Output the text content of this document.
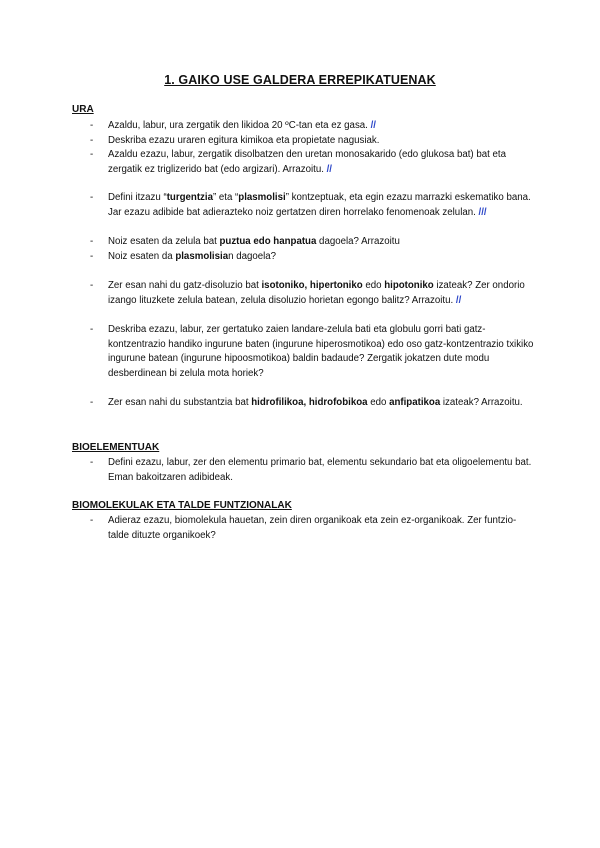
1. GAIKO USE GALDERA ERREPIKATUENAK
URA
-	Azaldu, labur, ura zergatik den likidoa 20 ºC-tan eta ez gasa. //
-	Deskriba ezazu uraren egitura kimikoa eta propietate nagusiak.
-	Azaldu ezazu, labur, zergatik disolbatzen den uretan monosakarido (edo glukosa bat) bat eta zergatik ez triglizerido bat (edo argizari). Arrazoitu. //
-	Defini itzazu “turgentzia” eta “plasmolisi” kontzeptuak, eta egin ezazu marrazki eskematiko bana. Jar ezazu adibide bat adierazteko noiz gertatzen diren horrelako fenomenoak zelulan. ///
-	Noiz esaten da zelula bat puztua edo hanpatua dagoela? Arrazoitu
-	Noiz esaten da plasmolisian dagoela?
-	Zer esan nahi du gatz-disoluzio bat isotoniko, hipertoniko edo hipotoniko izateak? Zer ondorio izango lituzkete zelula batean, zelula disoluzio horietan egongo balitz? Arrazoitu. //
-	Deskriba ezazu, labur, zer gertatuko zaien landare-zelula bati eta globulu gorri bati gatz-kontzentrazio handiko ingurune baten (ingurune hiperosmotikoa) edo oso gatz-kontzentrazio txikiko ingurune batean (ingurune hipoosmotikoa) baldin badaude? Zergatik jokatzen dute modu desberdinean bi zelula mota horiek?
-	Zer esan nahi du substantzia bat hidrofilikoa, hidrofobikoa edo anfipatikoa izateak? Arrazoitu.
BIOELEMENTUAK
-	Defini ezazu, labur, zer den elementu primario bat, elementu sekundario bat eta oligoelementu bat. Eman bakoitzaren adibideak.
BIOMOLEKULAK ETA TALDE FUNTZIONALAK
-	Adieraz ezazu, biomolekula hauetan, zein diren organikoak eta zein ez-organikoak. Zer funtzio-talde dituzte organikoek?
